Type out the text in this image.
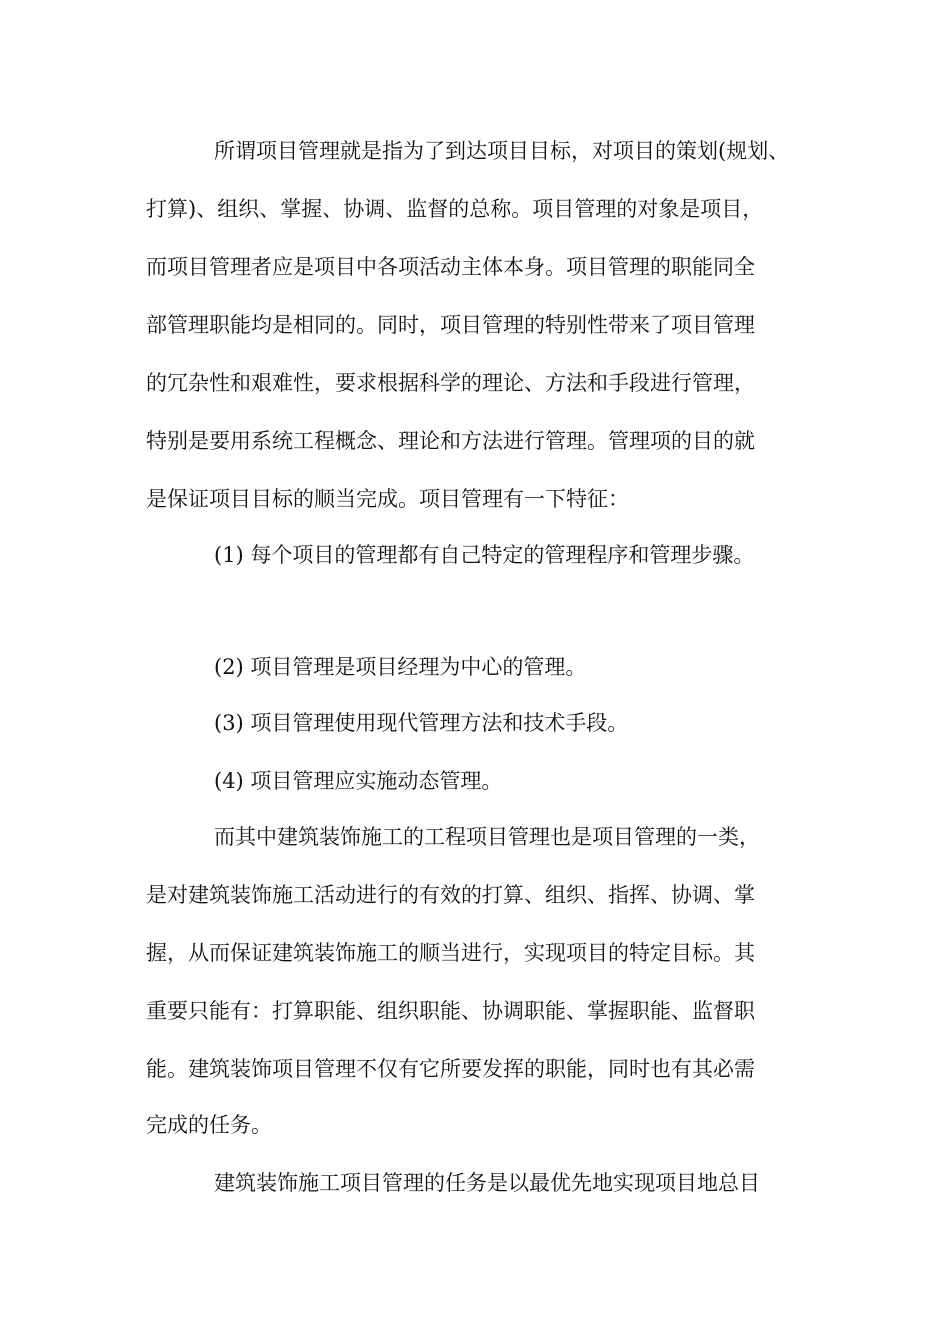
所谓项目管理就是指为了到达项目目标，对项目的策划(规划、
打算)、组织、掌握、协调、监督的总称。项目管理的对象是项目，
而项目管理者应是项目中各项活动主体本身。项目管理的职能同全
部管理职能均是相同的。同时，项目管理的特别性带来了项目管理
的冗杂性和艰难性，要求根据科学的理论、方法和手段进行管理，
特别是要用系统工程概念、理论和方法进行管理。管理项的目的就
是保证项目目标的顺当完成。项目管理有一下特征：
(1) 每个项目的管理都有自己特定的管理程序和管理步骤。
(2) 项目管理是项目经理为中心的管理。
(3) 项目管理使用现代管理方法和技术手段。
(4) 项目管理应实施动态管理。
而其中建筑装饰施工的工程项目管理也是项目管理的一类，
是对建筑装饰施工活动进行的有效的打算、组织、指挥、协调、掌
握，从而保证建筑装饰施工的顺当进行，实现项目的特定目标。其
重要只能有：打算职能、组织职能、协调职能、掌握职能、监督职
能。建筑装饰项目管理不仅有它所要发挥的职能，同时也有其必需
完成的任务。
建筑装饰施工项目管理的任务是以最优先地实现项目地总目
